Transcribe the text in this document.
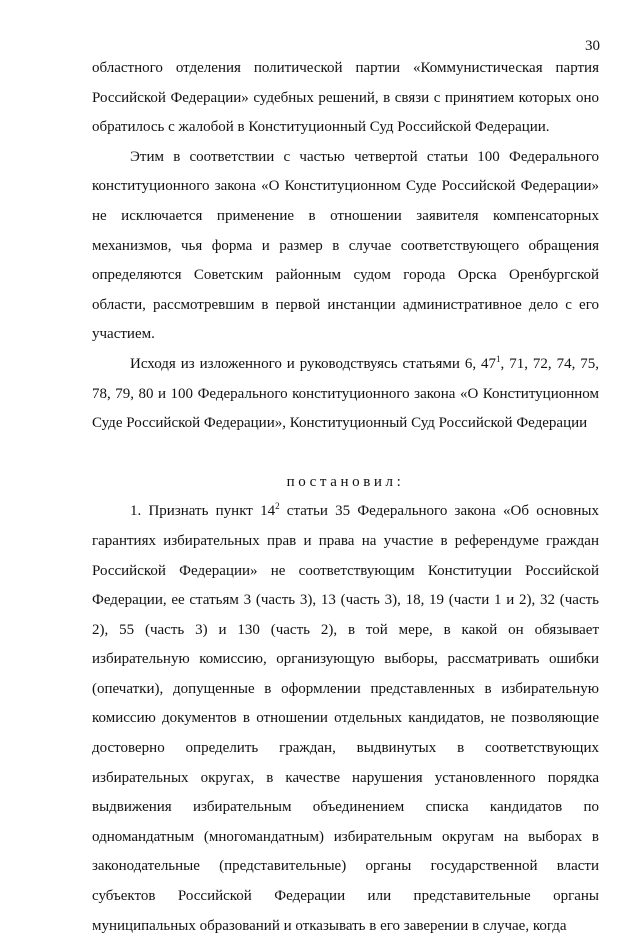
30

областного отделения политической партии «Коммунистическая партия Российской Федерации» судебных решений, в связи с принятием которых оно обратилось с жалобой в Конституционный Суд Российской Федерации.

Этим в соответствии с частью четвертой статьи 100 Федерального конституционного закона «О Конституционном Суде Российской Федерации» не исключается применение в отношении заявителя компенсаторных механизмов, чья форма и размер в случае соответствующего обращения определяются Советским районным судом города Орска Оренбургской области, рассмотревшим в первой инстанции административное дело с его участием.

Исходя из изложенного и руководствуясь статьями 6, $47^1$, 71, 72, 74, 75, 78, 79, 80 и 100 Федерального конституционного закона «О Конституционном Суде Российской Федерации», Конституционный Суд Российской Федерации

постановил:

1. Признать пункт $14^2$ статьи 35 Федерального закона «Об основных гарантиях избирательных прав и права на участие в референдуме граждан Российской Федерации» не соответствующим Конституции Российской Федерации, ее статьям 3 (часть 3), 13 (часть 3), 18, 19 (части 1 и 2), 32 (часть 2), 55 (часть 3) и 130 (часть 2), в той мере, в какой он обязывает избирательную комиссию, организующую выборы, рассматривать ошибки (опечатки), допущенные в оформлении представленных в избирательную комиссию документов в отношении отдельных кандидатов, не позволяющие достоверно определить граждан, выдвинутых в соответствующих избирательных округах, в качестве нарушения установленного порядка выдвижения избирательным объединением списка кандидатов по одномандатным (многомандатным) избирательным округам на выборах в законодательные (представительные) органы государственной власти субъектов Российской Федерации или представительные органы муниципальных образований и отказывать в его заверении в случае, когда
